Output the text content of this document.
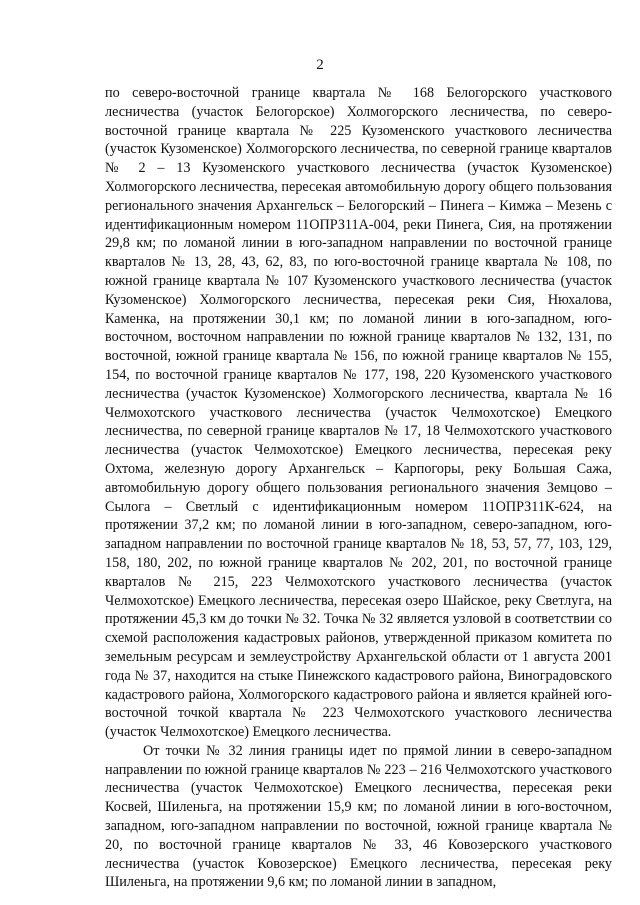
2

по северо-восточной границе квартала № 168 Белогорского участкового лесничества (участок Белогорское) Холмогорского лесничества, по северо-восточной границе квартала № 225 Кузоменского участкового лесничества (участок Кузоменское) Холмогорского лесничества, по северной границе кварталов № 2 – 13 Кузоменского участкового лесничества (участок Кузоменское) Холмогорского лесничества, пересекая автомобильную дорогу общего пользования регионального значения Архангельск – Белогорский – Пинега – Кимжа – Мезень с идентификационным номером 11ОПРЗ11А-004, реки Пинега, Сия, на протяжении 29,8 км; по ломаной линии в юго-западном направлении по восточной границе кварталов № 13, 28, 43, 62, 83, по юго-восточной границе квартала № 108, по южной границе квартала № 107 Кузоменского участкового лесничества (участок Кузоменское) Холмогорского лесничества, пересекая реки Сия, Нюхалова, Каменка, на протяжении 30,1 км; по ломаной линии в юго-западном, юго-восточном, восточном направлении по южной границе кварталов № 132, 131, по восточной, южной границе квартала № 156, по южной границе кварталов № 155, 154, по восточной границе кварталов № 177, 198, 220 Кузоменского участкового лесничества (участок Кузоменское) Холмогорского лесничества, квартала № 16 Челмохотского участкового лесничества (участок Челмохотское) Емецкого лесничества, по северной границе кварталов № 17, 18 Челмохотского участкового лесничества (участок Челмохотское) Емецкого лесничества, пересекая реку Охтома, железную дорогу Архангельск – Карпогоры, реку Большая Сажа, автомобильную дорогу общего пользования регионального значения Земцово – Сылога – Светлый с идентификационным номером 11ОПРЗ11К-624, на протяжении 37,2 км; по ломаной линии в юго-западном, северо-западном, юго-западном направлении по восточной границе кварталов № 18, 53, 57, 77, 103, 129, 158, 180, 202, по южной границе кварталов № 202, 201, по восточной границе кварталов № 215, 223 Челмохотского участкового лесничества (участок Челмохотское) Емецкого лесничества, пересекая озеро Шайское, реку Светлуга, на протяжении 45,3 км до точки № 32. Точка № 32 является узловой в соответствии со схемой расположения кадастровых районов, утвержденной приказом комитета по земельным ресурсам и землеустройству Архангельской области от 1 августа 2001 года № 37, находится на стыке Пинежского кадастрового района, Виноградовского кадастрового района, Холмогорского кадастрового района и является крайней юго-восточной точкой квартала № 223 Челмохотского участкового лесничества (участок Челмохотское) Емецкого лесничества.

От точки № 32 линия границы идет по прямой линии в северо-западном направлении по южной границе кварталов № 223 – 216 Челмохотского участкового лесничества (участок Челмохотское) Емецкого лесничества, пересекая реки Косвей, Шиленьга, на протяжении 15,9 км; по ломаной линии в юго-восточном, западном, юго-западном направлении по восточной, южной границе квартала № 20, по восточной границе кварталов № 33, 46 Ковозерского участкового лесничества (участок Ковозерское) Емецкого лесничества, пересекая реку Шиленьга, на протяжении 9,6 км; по ломаной линии в западном,
